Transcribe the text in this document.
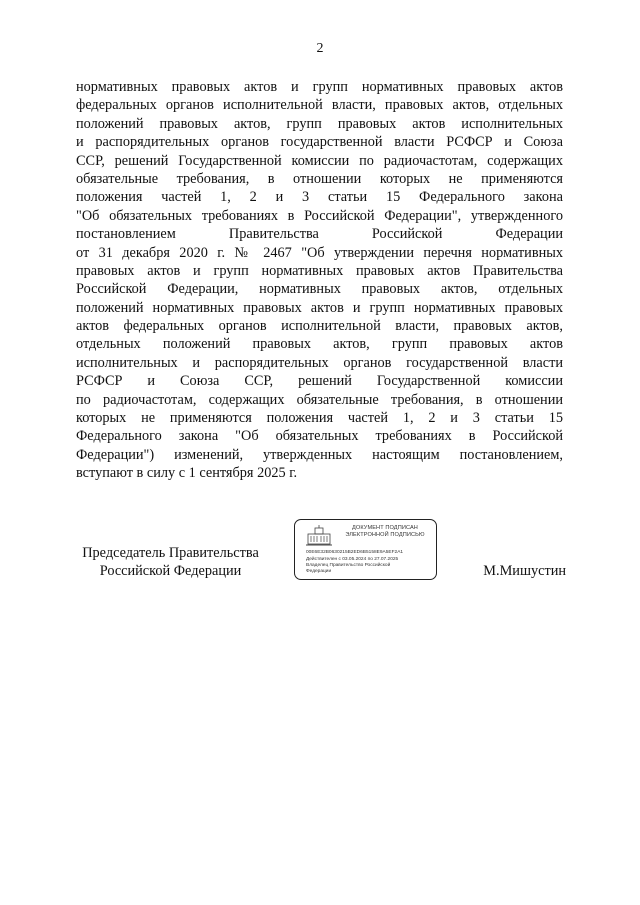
2
нормативных правовых актов и групп нормативных правовых актов
федеральных органов исполнительной власти, правовых актов, отдельных
положений правовых актов, групп правовых актов исполнительных
и распорядительных органов государственной власти РСФСР и Союза
ССР, решений Государственной комиссии по радиочастотам, содержащих
обязательные требования, в отношении которых не применяются
положения частей 1, 2 и 3 статьи 15 Федерального закона
"Об обязательных требованиях в Российской Федерации", утвержденного
постановлением Правительства Российской Федерации
от 31 декабря 2020 г. № 2467 "Об утверждении перечня нормативных
правовых актов и групп нормативных правовых актов Правительства
Российской Федерации, нормативных правовых актов, отдельных
положений нормативных правовых актов и групп нормативных правовых
актов федеральных органов исполнительной власти, правовых актов,
отдельных положений правовых актов, групп правовых актов
исполнительных и распорядительных органов государственной власти
РСФСР и Союза ССР, решений Государственной комиссии
по радиочастотам, содержащих обязательные требования, в отношении
которых не применяются положения частей 1, 2 и 3 статьи 15
Федерального закона "Об обязательных требованиях в Российской
Федерации") изменений, утвержденных настоящим постановлением,
вступают в силу с 1 сентября 2025 г.
Председатель Правительства
Российской Федерации
ДОКУМЕНТ ПОДПИСАН
ЭЛЕКТРОННОЙ ПОДПИСЬЮ
00E6E32B0630215B2ED6B5158E9A5EF2A1
Действителен с 03.05.2024 по 27.07.2025
Владелец Правительство Российской
Федерации	М.Мишустин
